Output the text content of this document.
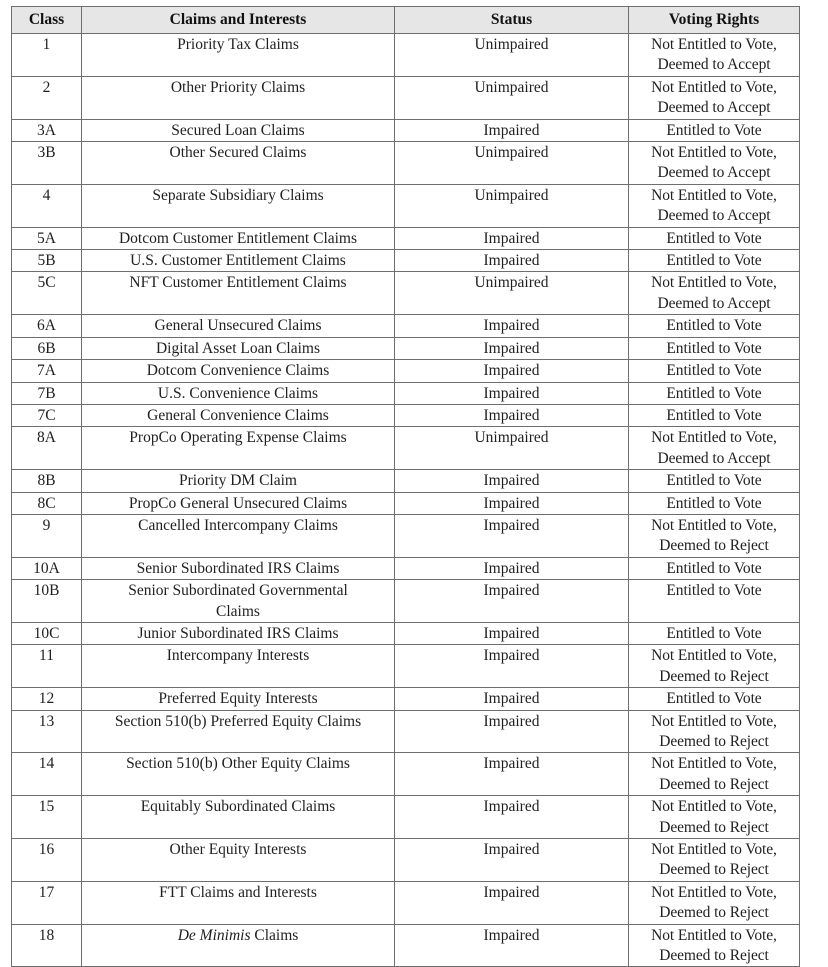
Class	Claims and Interests	Status	Voting Rights
1	Priority Tax Claims	Unimpaired	Not Entitled to Vote,
Deemed to Accept
2	Other Priority Claims	Unimpaired	Not Entitled to Vote,
Deemed to Accept
3A	Secured Loan Claims	Impaired	Entitled to Vote
3B	Other Secured Claims	Unimpaired	Not Entitled to Vote,
Deemed to Accept
4	Separate Subsidiary Claims	Unimpaired	Not Entitled to Vote,
Deemed to Accept
5A	Dotcom Customer Entitlement Claims	Impaired	Entitled to Vote
5B	U.S. Customer Entitlement Claims	Impaired	Entitled to Vote
5C	NFT Customer Entitlement Claims	Unimpaired	Not Entitled to Vote,
Deemed to Accept
6A	General Unsecured Claims	Impaired	Entitled to Vote
6B	Digital Asset Loan Claims	Impaired	Entitled to Vote
7A	Dotcom Convenience Claims	Impaired	Entitled to Vote
7B	U.S. Convenience Claims	Impaired	Entitled to Vote
7C	General Convenience Claims	Impaired	Entitled to Vote
8A	PropCo Operating Expense Claims	Unimpaired	Not Entitled to Vote,
Deemed to Accept
8B	Priority DM Claim	Impaired	Entitled to Vote
8C	PropCo General Unsecured Claims	Impaired	Entitled to Vote
9	Cancelled Intercompany Claims	Impaired	Not Entitled to Vote,
Deemed to Reject
10A	Senior Subordinated IRS Claims	Impaired	Entitled to Vote
10B	Senior Subordinated Governmental
Claims	Impaired	Entitled to Vote
10C	Junior Subordinated IRS Claims	Impaired	Entitled to Vote
11	Intercompany Interests	Impaired	Not Entitled to Vote,
Deemed to Reject
12	Preferred Equity Interests	Impaired	Entitled to Vote
13	Section 510(b) Preferred Equity Claims	Impaired	Not Entitled to Vote,
Deemed to Reject
14	Section 510(b) Other Equity Claims	Impaired	Not Entitled to Vote,
Deemed to Reject
15	Equitably Subordinated Claims	Impaired	Not Entitled to Vote,
Deemed to Reject
16	Other Equity Interests	Impaired	Not Entitled to Vote,
Deemed to Reject
17	FTT Claims and Interests	Impaired	Not Entitled to Vote,
Deemed to Reject
18	De Minimis Claims	Impaired	Not Entitled to Vote,
Deemed to Reject
